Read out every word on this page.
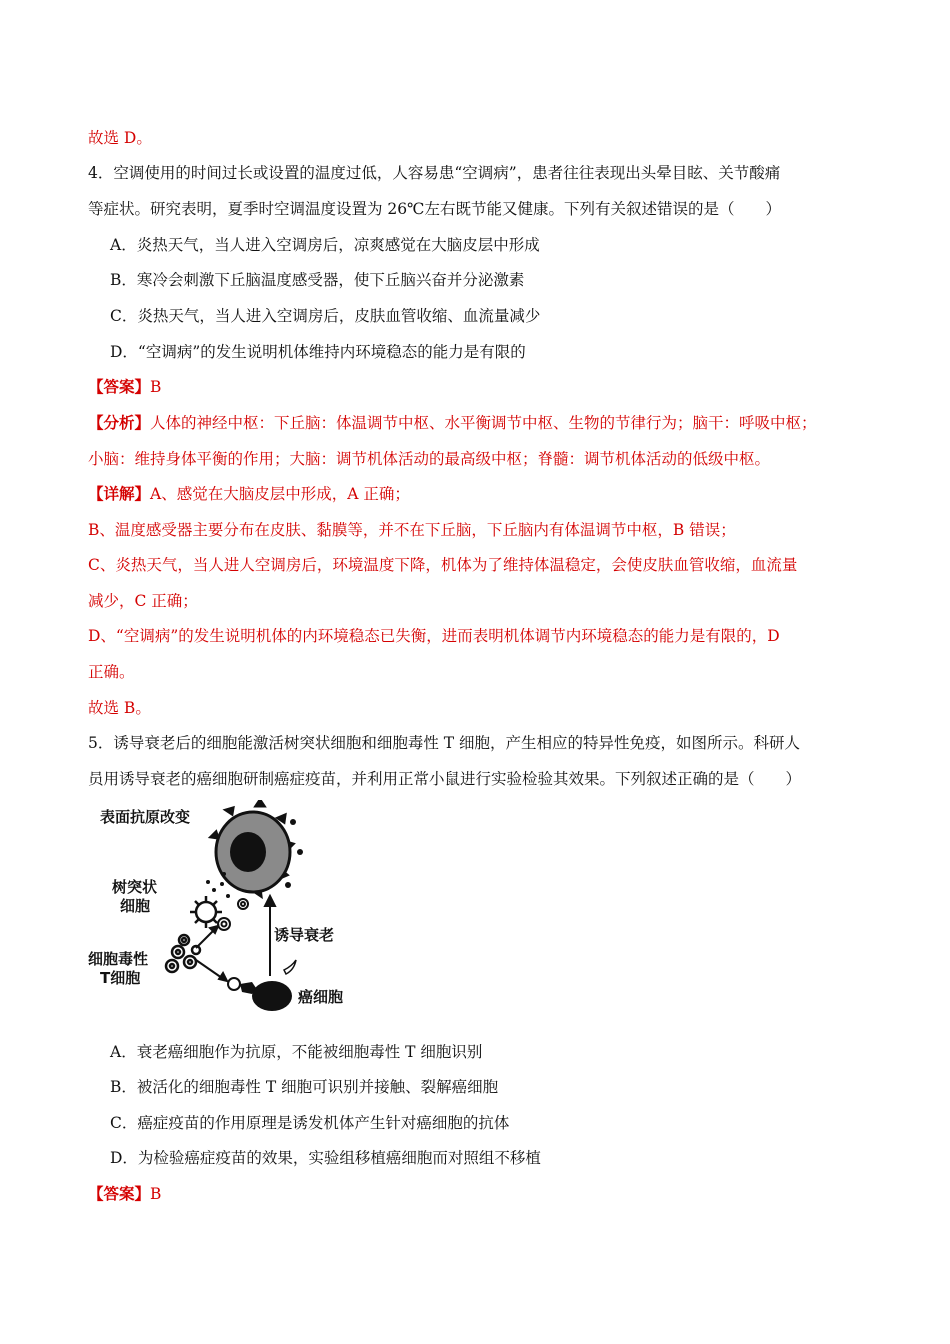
故选 D。
4．空调使用的时间过长或设置的温度过低，人容易患“空调病”，患者往往表现出头晕目眩、关节酸痛
等症状。研究表明，夏季时空调温度设置为 26℃左右既节能又健康。下列有关叙述错误的是（　　）
A．炎热天气，当人进入空调房后，凉爽感觉在大脑皮层中形成
B．寒冷会刺激下丘脑温度感受器，使下丘脑兴奋并分泌激素
C．炎热天气，当人进入空调房后，皮肤血管收缩、血流量减少
D．“空调病”的发生说明机体维持内环境稳态的能力是有限的
【答案】B
【分析】人体的神经中枢：下丘脑：体温调节中枢、水平衡调节中枢、生物的节律行为；脑干：呼吸中枢；
小脑：维持身体平衡的作用；大脑：调节机体活动的最高级中枢；脊髓：调节机体活动的低级中枢。
【详解】A、感觉在大脑皮层中形成，A 正确；
B、温度感受器主要分布在皮肤、黏膜等，并不在下丘脑，下丘脑内有体温调节中枢，B 错误；
C、炎热天气，当人进人空调房后，环境温度下降，机体为了维持体温稳定，会使皮肤血管收缩，血流量
减少，C 正确；
D、“空调病”的发生说明机体的内环境稳态已失衡，进而表明机体调节内环境稳态的能力是有限的，D
正确。
故选 B。
5．诱导衰老后的细胞能激活树突状细胞和细胞毒性 T 细胞，产生相应的特异性免疫，如图所示。科研人
员用诱导衰老的癌细胞研制癌症疫苗，并利用正常小鼠进行实验检验其效果。下列叙述正确的是（　　）
表面抗原改变
树突状
细胞
细胞毒性
T细胞
诱导衰老
癌细胞
A．衰老癌细胞作为抗原，不能被细胞毒性 T 细胞识别
B．被活化的细胞毒性 T 细胞可识别并接触、裂解癌细胞
C．癌症疫苗的作用原理是诱发机体产生针对癌细胞的抗体
D．为检验癌症疫苗的效果，实验组移植癌细胞而对照组不移植
【答案】B
